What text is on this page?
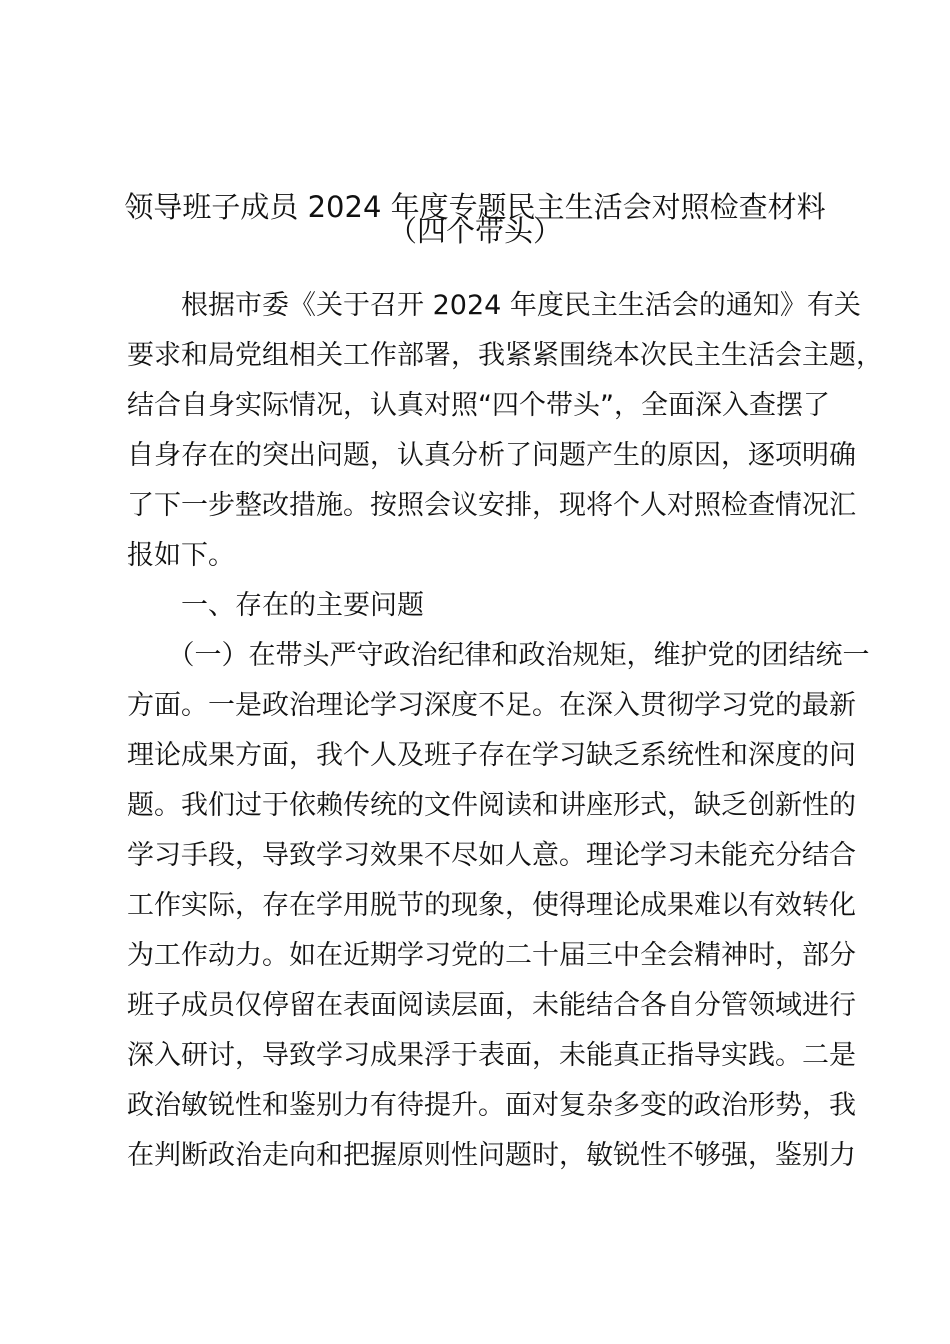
领导班子成员 2024 年度专题民主生活会对照检查材料
（四个带头）
　　根据市委《关于召开 2024 年度民主生活会的通知》有关
要求和局党组相关工作部署，我紧紧围绕本次民主生活会主题，
结合自身实际情况，认真对照“四个带头”，全面深入查摆了
自身存在的突出问题，认真分析了问题产生的原因，逐项明确
了下一步整改措施。按照会议安排，现将个人对照检查情况汇
报如下。
　　一、存在的主要问题
　　（一）在带头严守政治纪律和政治规矩，维护党的团结统一
方面。一是政治理论学习深度不足。在深入贯彻学习党的最新
理论成果方面，我个人及班子存在学习缺乏系统性和深度的问
题。我们过于依赖传统的文件阅读和讲座形式，缺乏创新性的
学习手段，导致学习效果不尽如人意。理论学习未能充分结合
工作实际，存在学用脱节的现象，使得理论成果难以有效转化
为工作动力。如在近期学习党的二十届三中全会精神时，部分
班子成员仅停留在表面阅读层面，未能结合各自分管领域进行
深入研讨，导致学习成果浮于表面，未能真正指导实践。二是
政治敏锐性和鉴别力有待提升。面对复杂多变的政治形势，我
在判断政治走向和把握原则性问题时，敏锐性不够强，鉴别力
